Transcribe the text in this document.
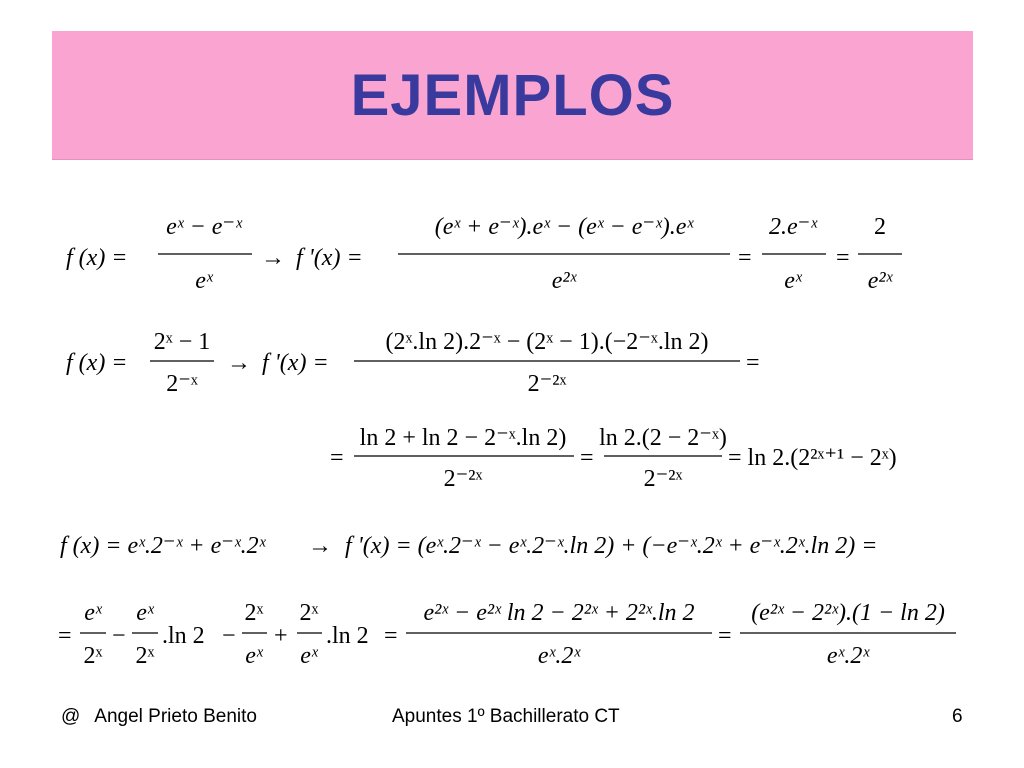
EJEMPLOS
f (x) =
eˣ − e⁻ˣ
eˣ
→ f '(x) =
(eˣ + e⁻ˣ).eˣ − (eˣ − e⁻ˣ).eˣ
e²ˣ
=
2.e⁻ˣ
eˣ
=
2
e²ˣ
f (x) =
2ˣ − 1
2⁻ˣ
→ f '(x) =
(2ˣ.ln 2).2⁻ˣ − (2ˣ − 1).(−2⁻ˣ.ln 2)
2⁻²ˣ
=
=
ln 2 + ln 2 − 2⁻ˣ.ln 2)
2⁻²ˣ
=
ln 2.(2 − 2⁻ˣ)
2⁻²ˣ
= ln 2.(2²ˣ⁺¹ − 2ˣ)
f (x) = eˣ.2⁻ˣ + e⁻ˣ.2ˣ → f '(x) = (eˣ.2⁻ˣ − eˣ.2⁻ˣ.ln 2) + (−e⁻ˣ.2ˣ + e⁻ˣ.2ˣ.ln 2) =
=
eˣ
2ˣ
−
eˣ
2ˣ
.ln 2 −
2ˣ
eˣ
+
2ˣ
eˣ
.ln 2 =
e²ˣ − e²ˣ ln 2 − 2²ˣ + 2²ˣ.ln 2
eˣ.2ˣ
=
(e²ˣ − 2²ˣ).(1 − ln 2)
eˣ.2ˣ
@ Angel Prieto Benito	Apuntes 1º Bachillerato CT	6
